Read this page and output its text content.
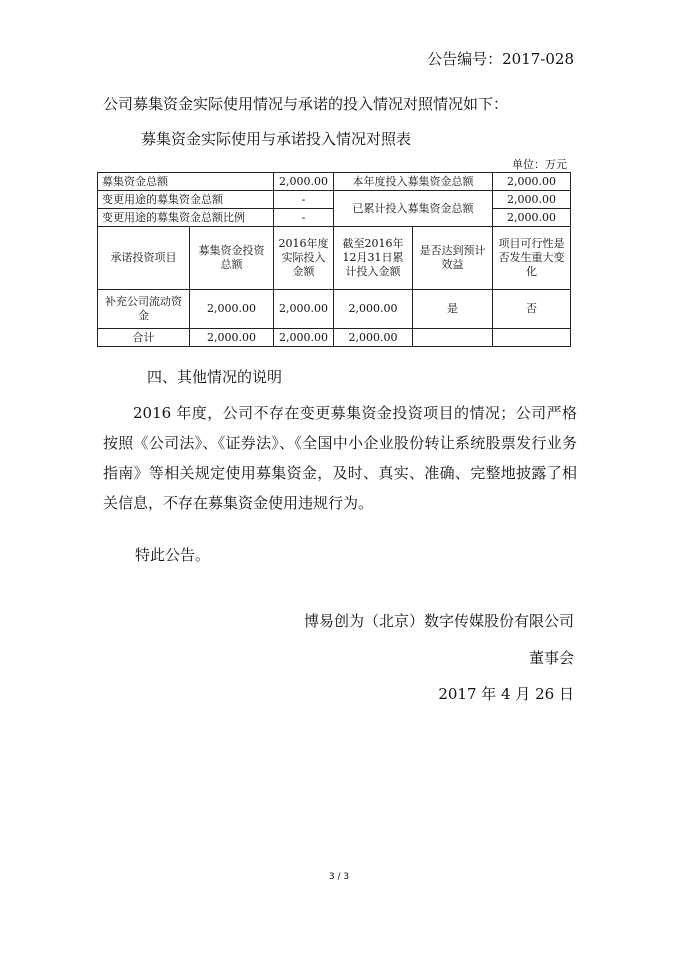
公告编号：2017-028
公司募集资金实际使用情况与承诺的投入情况对照情况如下：
募集资金实际使用与承诺投入情况对照表
单位：万元
募集资金总额		2,000.00	本年度投入募集资金总额		2,000.00
变更用途的募集资金总额		-	已累计投入募集资金总额		2,000.00
变更用途的募集资金总额比例		-			2,000.00
承诺投资项目	募集资金投资总额	2016年度实际投入金额	截至2016年12月31日累计投入金额	是否达到预计效益	项目可行性是否发生重大变化
补充公司流动资金	2,000.00	2,000.00	2,000.00	是	否
合计	2,000.00	2,000.00	2,000.00		
四、其他情况的说明
2016 年度，公司不存在变更募集资金投资项目的情况；公司严格按照《公司法》、《证券法》、《全国中小企业股份转让系统股票发行业务指南》等相关规定使用募集资金，及时、真实、准确、完整地披露了相关信息，不存在募集资金使用违规行为。
特此公告。
博易创为（北京）数字传媒股份有限公司
董事会
2017 年 4 月 26 日
3 / 3
